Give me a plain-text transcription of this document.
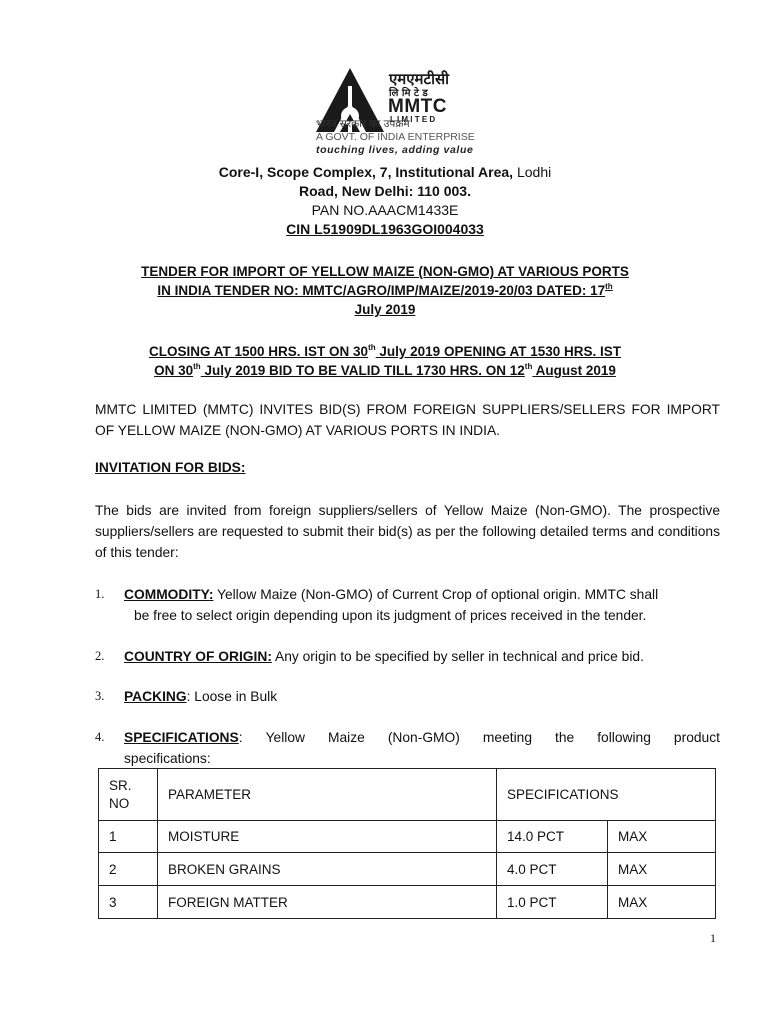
एमएमटीसी
लि मि टे ड
MMTC
L I M I T E D
भारत सरकार का उपक्रम
A GOVT. OF INDIA ENTERPRISE
touching lives, adding value
Core-I, Scope Complex, 7, Institutional Area, Lodhi
Road, New Delhi: 110 003.
PAN NO.AAACM1433E
CIN L51909DL1963GOI004033
TENDER FOR IMPORT OF YELLOW MAIZE (NON-GMO) AT VARIOUS PORTS
IN INDIA TENDER NO: MMTC/AGRO/IMP/MAIZE/2019-20/03 DATED: 17th
July 2019
CLOSING AT 1500 HRS. IST ON 30th July 2019 OPENING AT 1530 HRS. IST
ON 30th July 2019 BID TO BE VALID TILL 1730 HRS. ON 12th August 2019
MMTC LIMITED (MMTC) INVITES BID(S) FROM FOREIGN SUPPLIERS/SELLERS FOR IMPORT OF YELLOW MAIZE (NON-GMO) AT VARIOUS PORTS IN INDIA.
INVITATION FOR BIDS:
The bids are invited from foreign suppliers/sellers of Yellow Maize (Non-GMO). The prospective suppliers/sellers are requested to submit their bid(s) as per the following detailed terms and conditions of this tender:
1. COMMODITY: Yellow Maize (Non-GMO) of Current Crop of optional origin. MMTC shall
be free to select origin depending upon its judgment of prices received in the tender.
2. COUNTRY OF ORIGIN: Any origin to be specified by seller in technical and price bid.
3. PACKING: Loose in Bulk
4. SPECIFICATIONS: Yellow Maize (Non-GMO) meeting the following product
specifications:
SR. NO	PARAMETER	SPECIFICATIONS	
1	MOISTURE	14.0 PCT	MAX
2	BROKEN GRAINS	4.0 PCT	MAX
3	FOREIGN MATTER	1.0 PCT	MAX
1
